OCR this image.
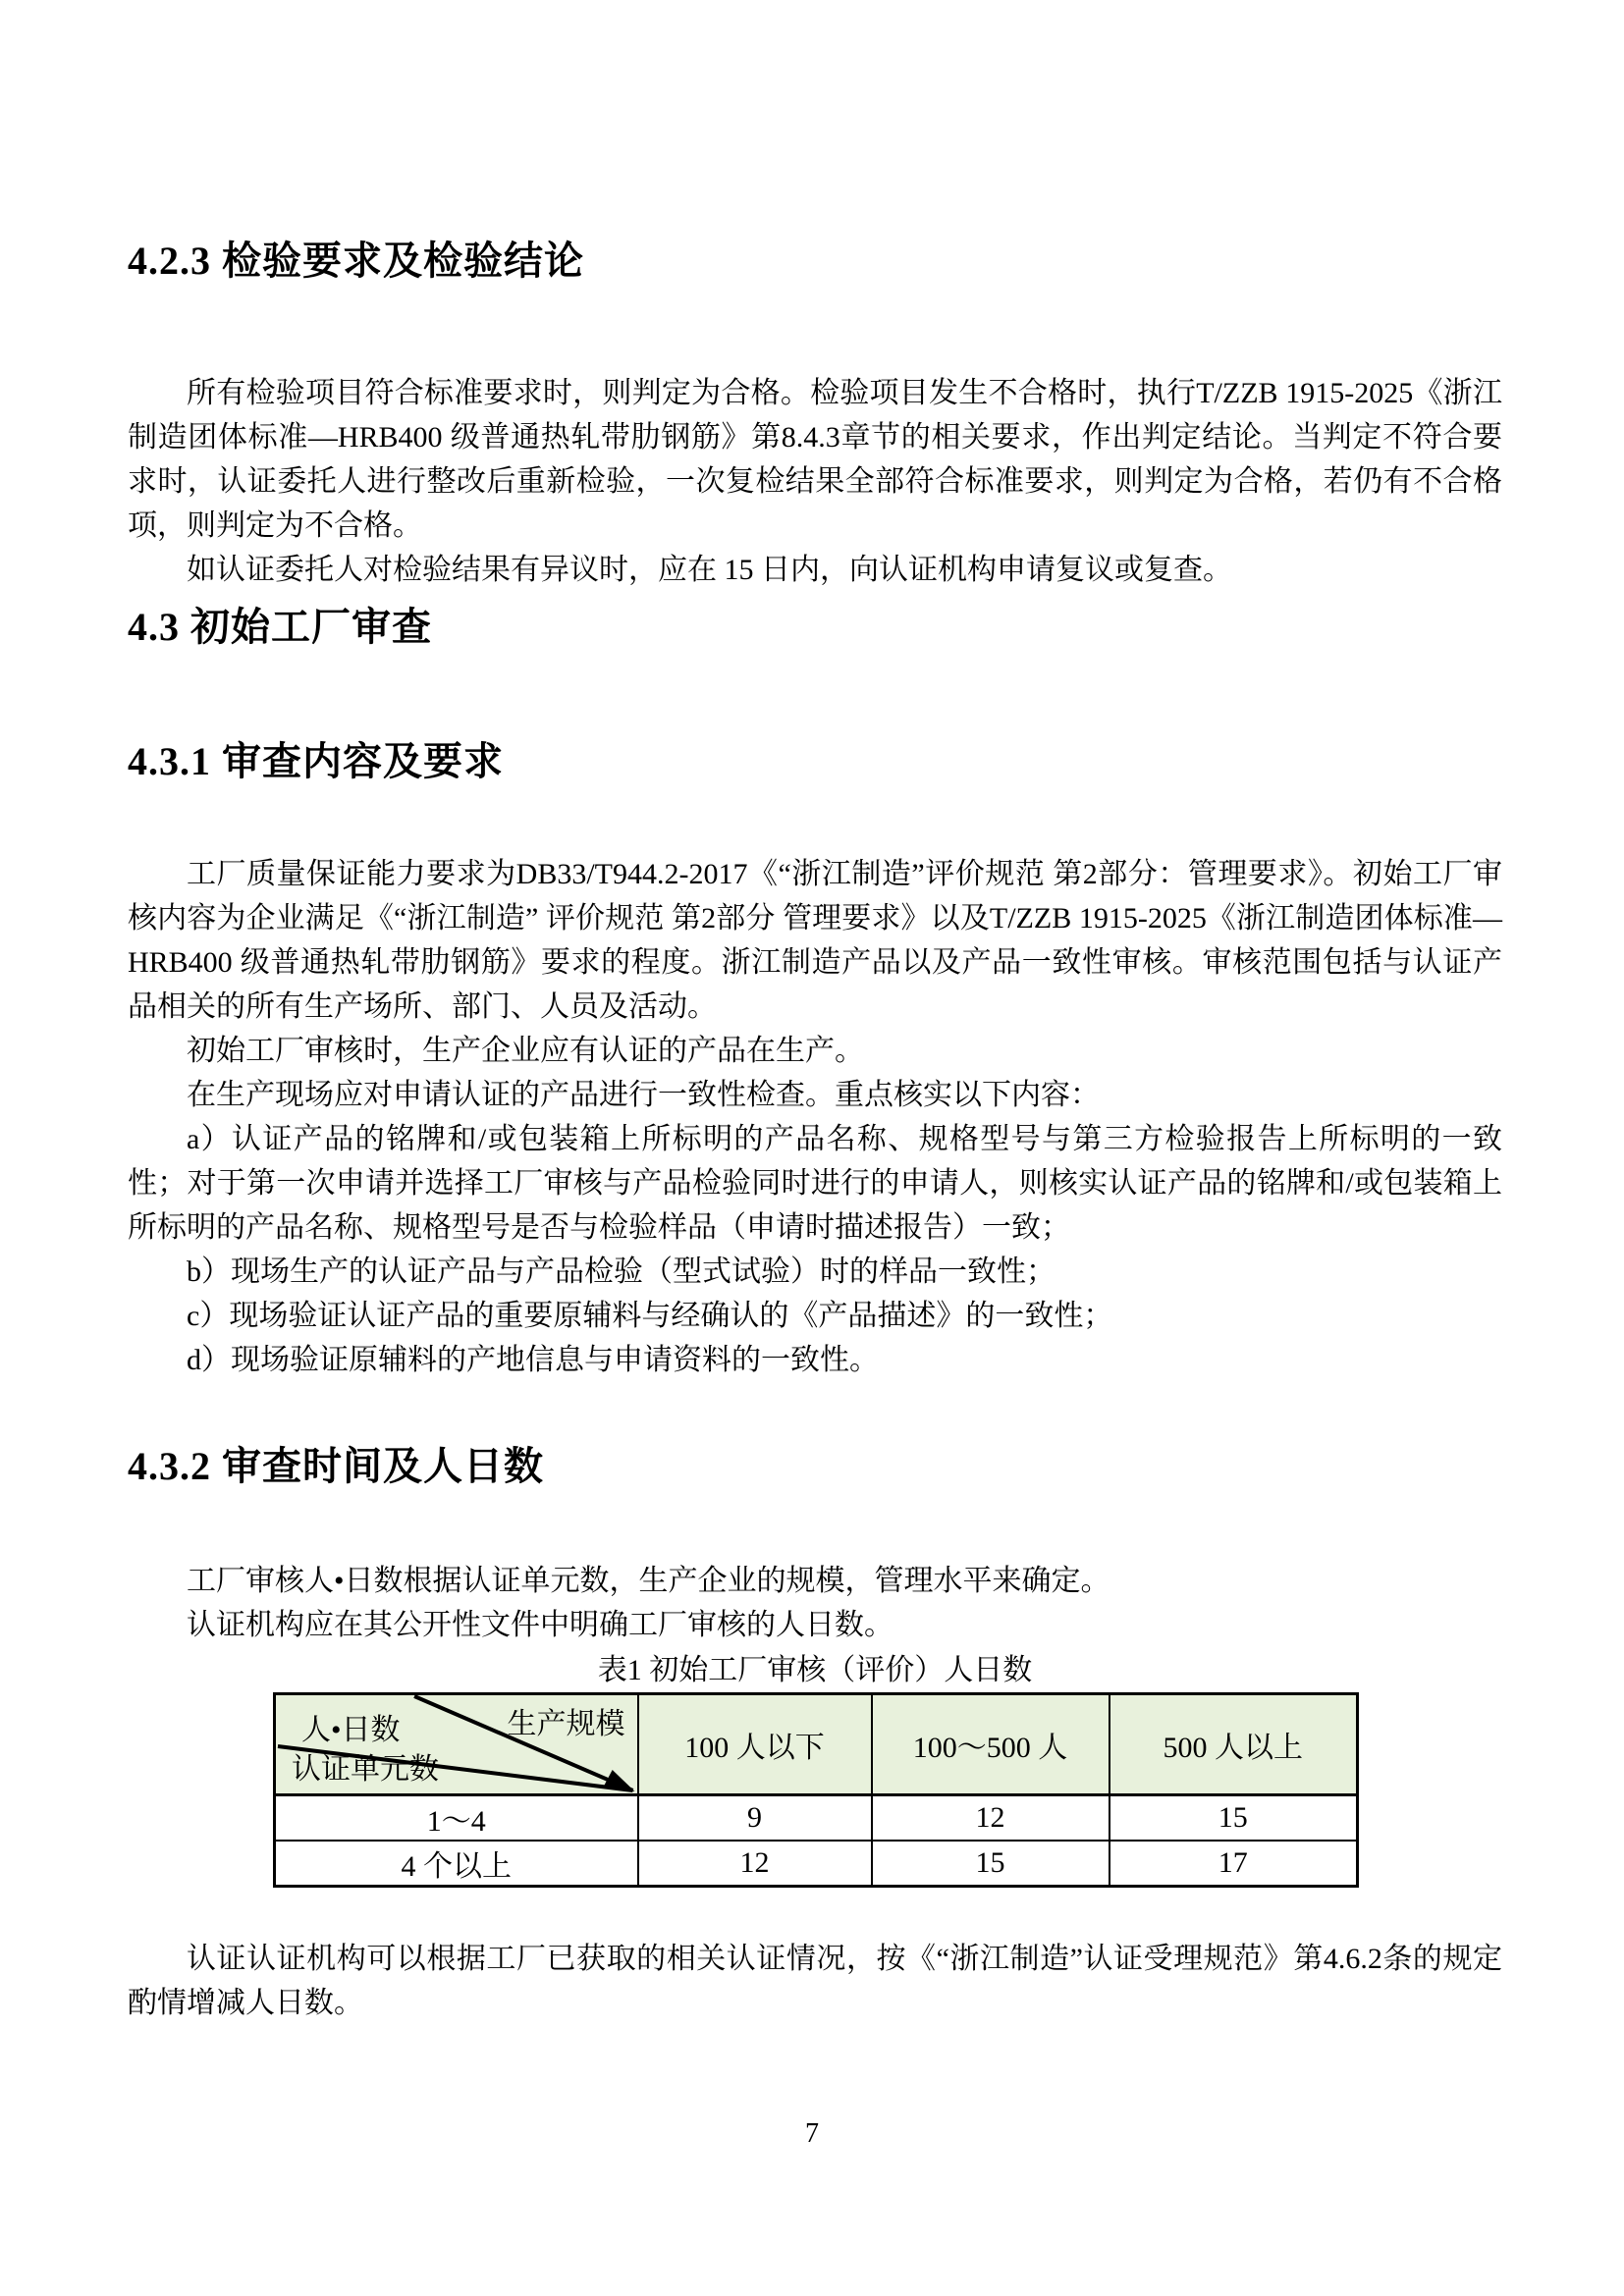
4.2.3 检验要求及检验结论

所有检验项目符合标准要求时，则判定为合格。检验项目发生不合格时，执行T/ZZB 1915-2025《浙江制造团体标准—HRB400 级普通热轧带肋钢筋》第8.4.3章节的相关要求，作出判定结论。当判定不符合要求时，认证委托人进行整改后重新检验，一次复检结果全部符合标准要求，则判定为合格，若仍有不合格项，则判定为不合格。

如认证委托人对检验结果有异议时，应在 15 日内，向认证机构申请复议或复查。

4.3 初始工厂审查
4.3.1 审查内容及要求

工厂质量保证能力要求为DB33/T944.2-2017《“浙江制造”评价规范 第2部分：管理要求》。初始工厂审核内容为企业满足《“浙江制造” 评价规范 第2部分 管理要求》以及T/ZZB 1915-2025《浙江制造团体标准—HRB400 级普通热轧带肋钢筋》要求的程度。浙江制造产品以及产品一致性审核。审核范围包括与认证产品相关的所有生产场所、部门、人员及活动。

初始工厂审核时，生产企业应有认证的产品在生产。

在生产现场应对申请认证的产品进行一致性检查。重点核实以下内容：

a）认证产品的铭牌和/或包装箱上所标明的产品名称、规格型号与第三方检验报告上所标明的一致性；对于第一次申请并选择工厂审核与产品检验同时进行的申请人，则核实认证产品的铭牌和/或包装箱上所标明的产品名称、规格型号是否与检验样品（申请时描述报告）一致；

b）现场生产的认证产品与产品检验（型式试验）时的样品一致性；

c）现场验证认证产品的重要原辅料与经确认的《产品描述》的一致性；

d）现场验证原辅料的产地信息与申请资料的一致性。

4.3.2 审查时间及人日数

工厂审核人•日数根据认证单元数，生产企业的规模，管理水平来确定。

认证机构应在其公开性文件中明确工厂审核的人日数。

表1 初始工厂审核（评价）人日数
人•日数 生产规模
认证单元数	100 人以下	100～500 人	500 人以上
1～4	9	12	15
4 个以上	12	15	17

认证认证机构可以根据工厂已获取的相关认证情况，按《“浙江制造”认证受理规范》第4.6.2条的规定酌情增减人日数。

7
